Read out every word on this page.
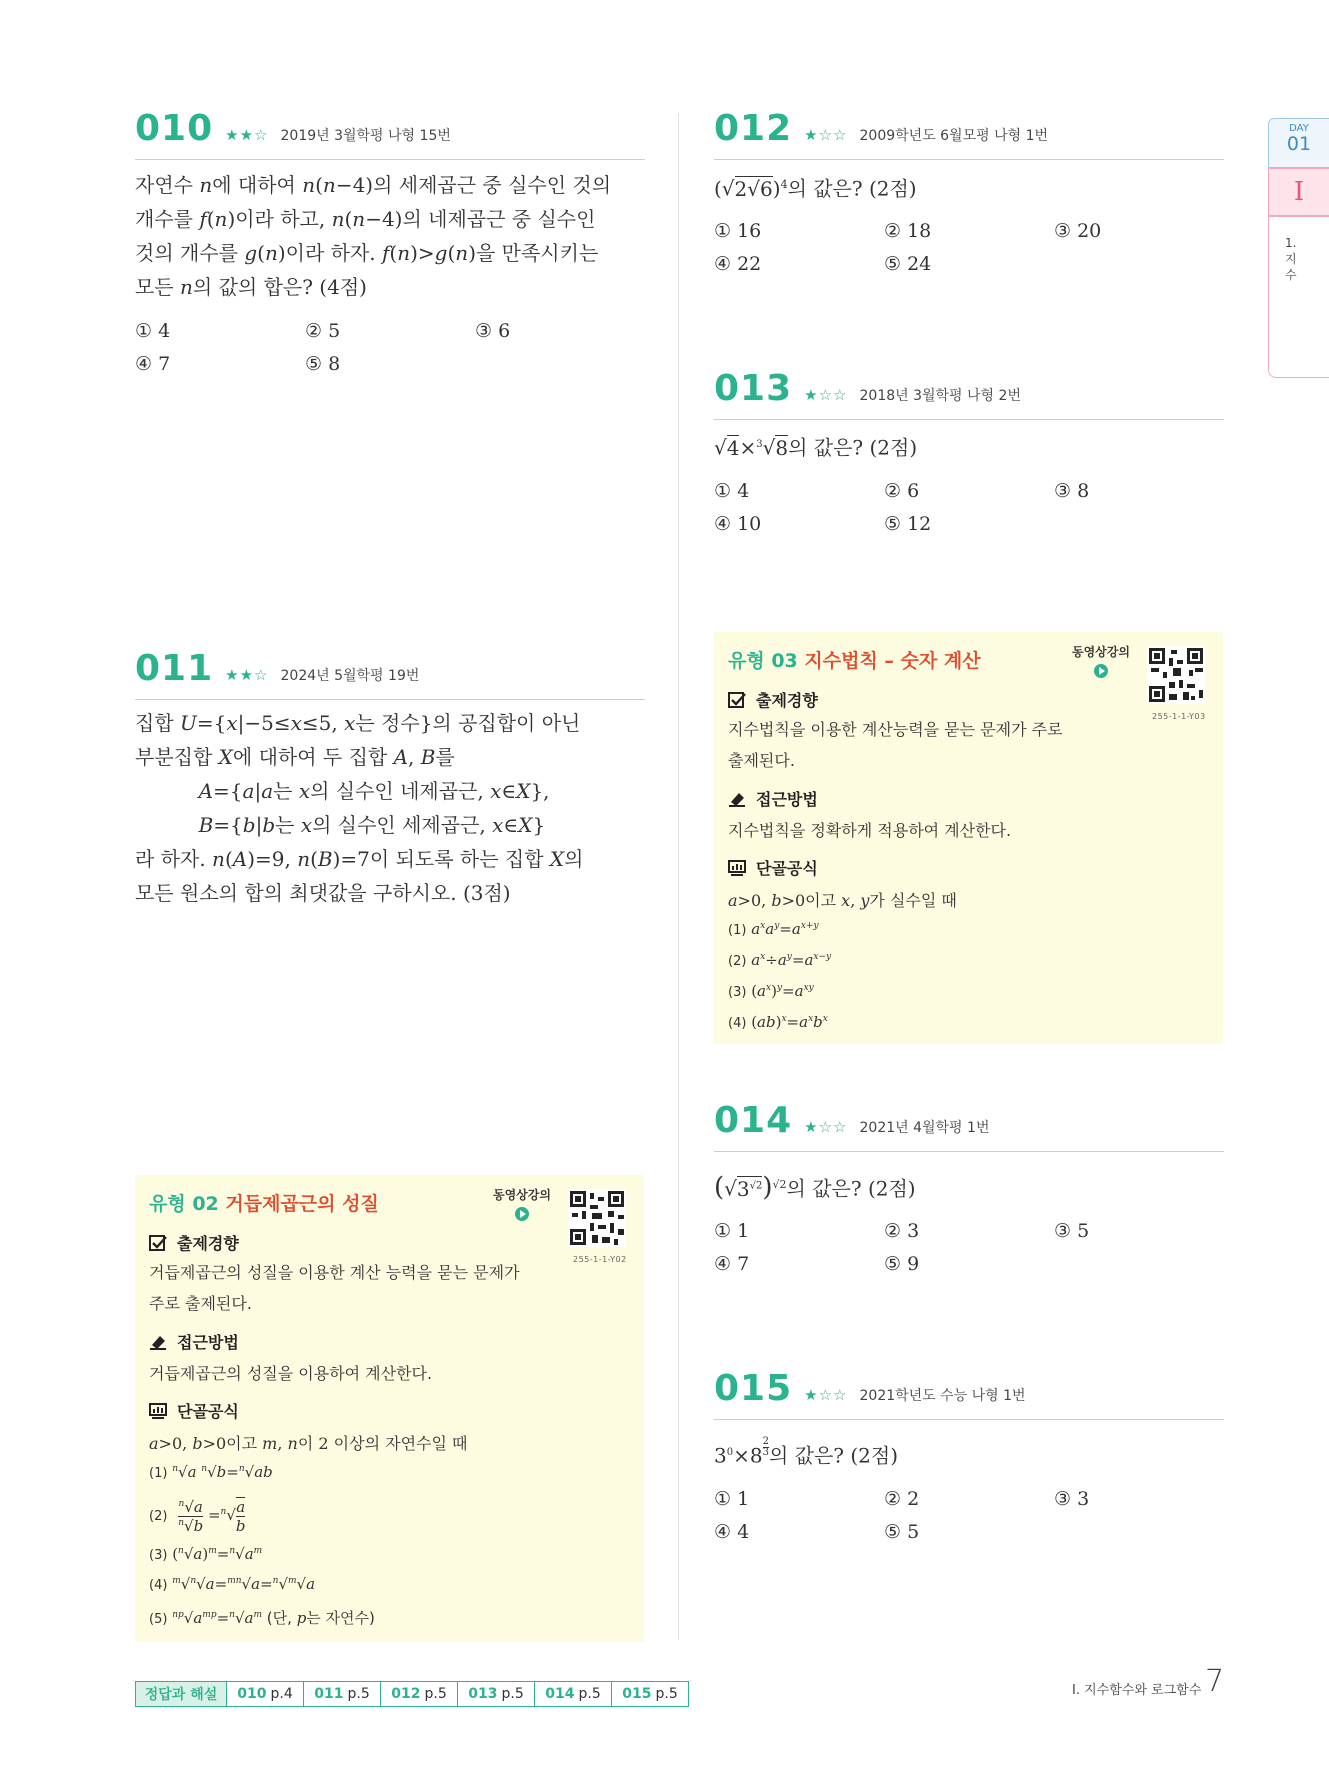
DAY
01
I
1. 지수
010 ★★☆ 2019년 3월학평 나형 15번
자연수 n에 대하여 n(n−4)의 세제곱근 중 실수인 것의
개수를 f(n)이라 하고, n(n−4)의 네제곱근 중 실수인
것의 개수를 g(n)이라 하자. f(n)>g(n)을 만족시키는
모든 n의 값의 합은? (4점)
① 4	② 5	③ 6
④ 7	⑤ 8
011 ★★☆ 2024년 5월학평 19번
집합 U={x|−5≤x≤5, x는 정수}의 공집합이 아닌
부분집합 X에 대하여 두 집합 A, B를
A={a|a는 x의 실수인 네제곱근, x∈X},
B={b|b는 x의 실수인 세제곱근, x∈X}
라 하자. n(A)=9, n(B)=7이 되도록 하는 집합 X의
모든 원소의 합의 최댓값을 구하시오. (3점)
유형 02 거듭제곱근의 성질	동영상강의
255-1-1-Y02
출제경향
거듭제곱근의 성질을 이용한 계산 능력을 묻는 문제가
주로 출제된다.
접근방법
거듭제곱근의 성질을 이용하여 계산한다.
단골공식
a>0, b>0이고 m, n이 2 이상의 자연수일 때
(1) $^n$√a $^n$√b=$^n$√ab
$(2) \frac{^n√a}{^n√b} =^n√ \frac{a}{b}$
(3) $(^n√a)^m=^n√a^m$
(4) $^m$√$^n$√a=$^{mn}$√a=$^n$√$^m$√a
(5) $^{np}√a^{mp}=^n√a^m$ (단, p는 자연수)
012 ★☆☆ 2009학년도 6월모평 나형 1번
$(√2√6)^4$의 값은? (2점)
① 16	② 18	③ 20
④ 22	⑤ 24
013 ★☆☆ 2018년 3월학평 나형 2번
√4×$^3$√8의 값은? (2점)
① 4	② 6	③ 8
④ 10	⑤ 12
유형 03 지수법칙 – 숫자 계산	동영상강의
255-1-1-Y03
출제경향
지수법칙을 이용한 계산능력을 묻는 문제가 주로
출제된다.
접근방법
지수법칙을 정확하게 적용하여 계산한다.
단골공식
a>0, b>0이고 x, y가 실수일 때
(1) $a^xa^y=a^{x+y}$
(2) $a^x\div a^y=a^{x-y}$
(3) $(a^x)^y=a^{xy}$
(4) $(ab)^x=a^xb^x$
014 ★☆☆ 2021년 4월학평 1번
$(√3^{√2})^{√2}$의 값은? (2점)
① 1	② 3	③ 5
④ 7	⑤ 9
015 ★☆☆ 2021학년도 수능 나형 1번
$3^0\times 8$ $^{\frac{2}{3}}$ 의 값은? (2점)
① 1	② 2	③ 3
④ 4	⑤ 5
정답과 해설	010 p.4 011 p.5 012 p.5 013 p.5 014 p.5 015 p.5	Ⅰ. 지수함수와 로그함수 7
